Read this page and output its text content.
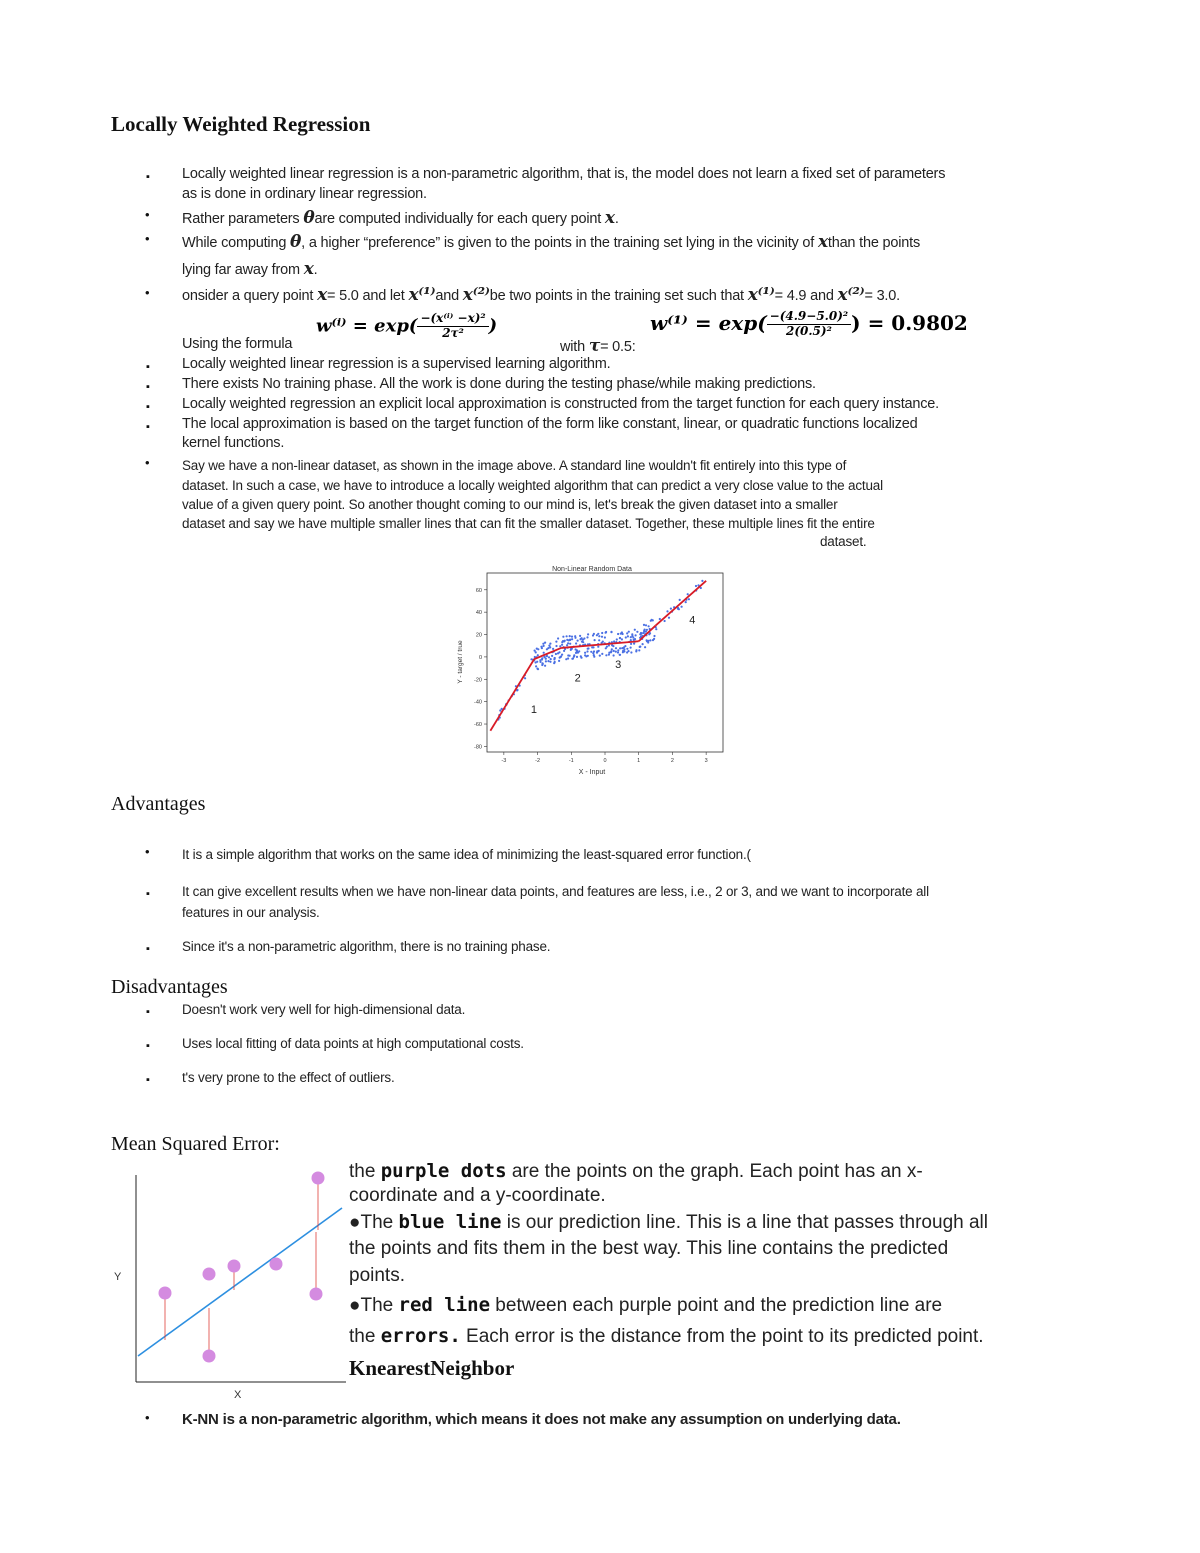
Locally Weighted Regression
▪ Locally weighted linear regression is a non-parametric algorithm, that is, the model does not learn a fixed set of parameters
as is done in ordinary linear regression.
• Rather parameters θare computed individually for each query point x.
• While computing θ, a higher “preference” is given to the points in the training set lying in the vicinity of xthan the points
lying far away from x.
• onsider a query point x= 5.0 and let x⁽¹⁾and x⁽²⁾be two points in the training set such that x⁽¹⁾= 4.9 and x⁽²⁾= 3.0.
Using the formula
$w^{(i)} = \exp( \frac{\text{−(x⁽ⁱ⁾ −x)²}}{\text{2τ²}}$ )
with τ= 0.5:
$w^{(1)} = \exp( \frac{\text{−(4.9−5.0)²}}{\text{2(0.5)²}}$ ) = 0.9802
▪ Locally weighted linear regression is a supervised learning algorithm.
▪ There exists No training phase. All the work is done during the testing phase/while making predictions.
▪ Locally weighted regression an explicit local approximation is constructed from the target function for each query instance.
▪ The local approximation is based on the target function of the form like constant, linear, or quadratic functions localized
kernel functions.
• Say we have a non-linear dataset, as shown in the image above. A standard line wouldn't fit entirely into this type of
dataset. In such a case, we have to introduce a locally weighted algorithm that can predict a very close value to the actual
value of a given query point. So another thought coming to our mind is, let's break the given dataset into a smaller
dataset and say we have multiple smaller lines that can fit the smaller dataset. Together, these multiple lines fit the entire
dataset.
Non-Linear Random Data
60
40
20
0
-20
-40
-60
-80
-3	-2	-1	0	1	2	3
1
2
3
4
X - Input
Y - target / true
Advantages
• It is a simple algorithm that works on the same idea of minimizing the least-squared error function.(
▪ It can give excellent results when we have non-linear data points, and features are less, i.e., 2 or 3, and we want to incorporate all
features in our analysis.
▪ Since it's a non-parametric algorithm, there is no training phase.
Disadvantages
▪ Doesn't work very well for high-dimensional data.
▪ Uses local fitting of data points at high computational costs.
▪ t's very prone to the effect of outliers.
Mean Squared Error:
Y
X
the purple dots are the points on the graph. Each point has an x-
coordinate and a y-coordinate.
●The blue line is our prediction line. This is a line that passes through all
the points and fits them in the best way. This line contains the predicted
points.
●The red line between each purple point and the prediction line are
the errors. Each error is the distance from the point to its predicted point.
KnearestNeighbor
• K-NN is a non-parametric algorithm, which means it does not make any assumption on underlying data.
